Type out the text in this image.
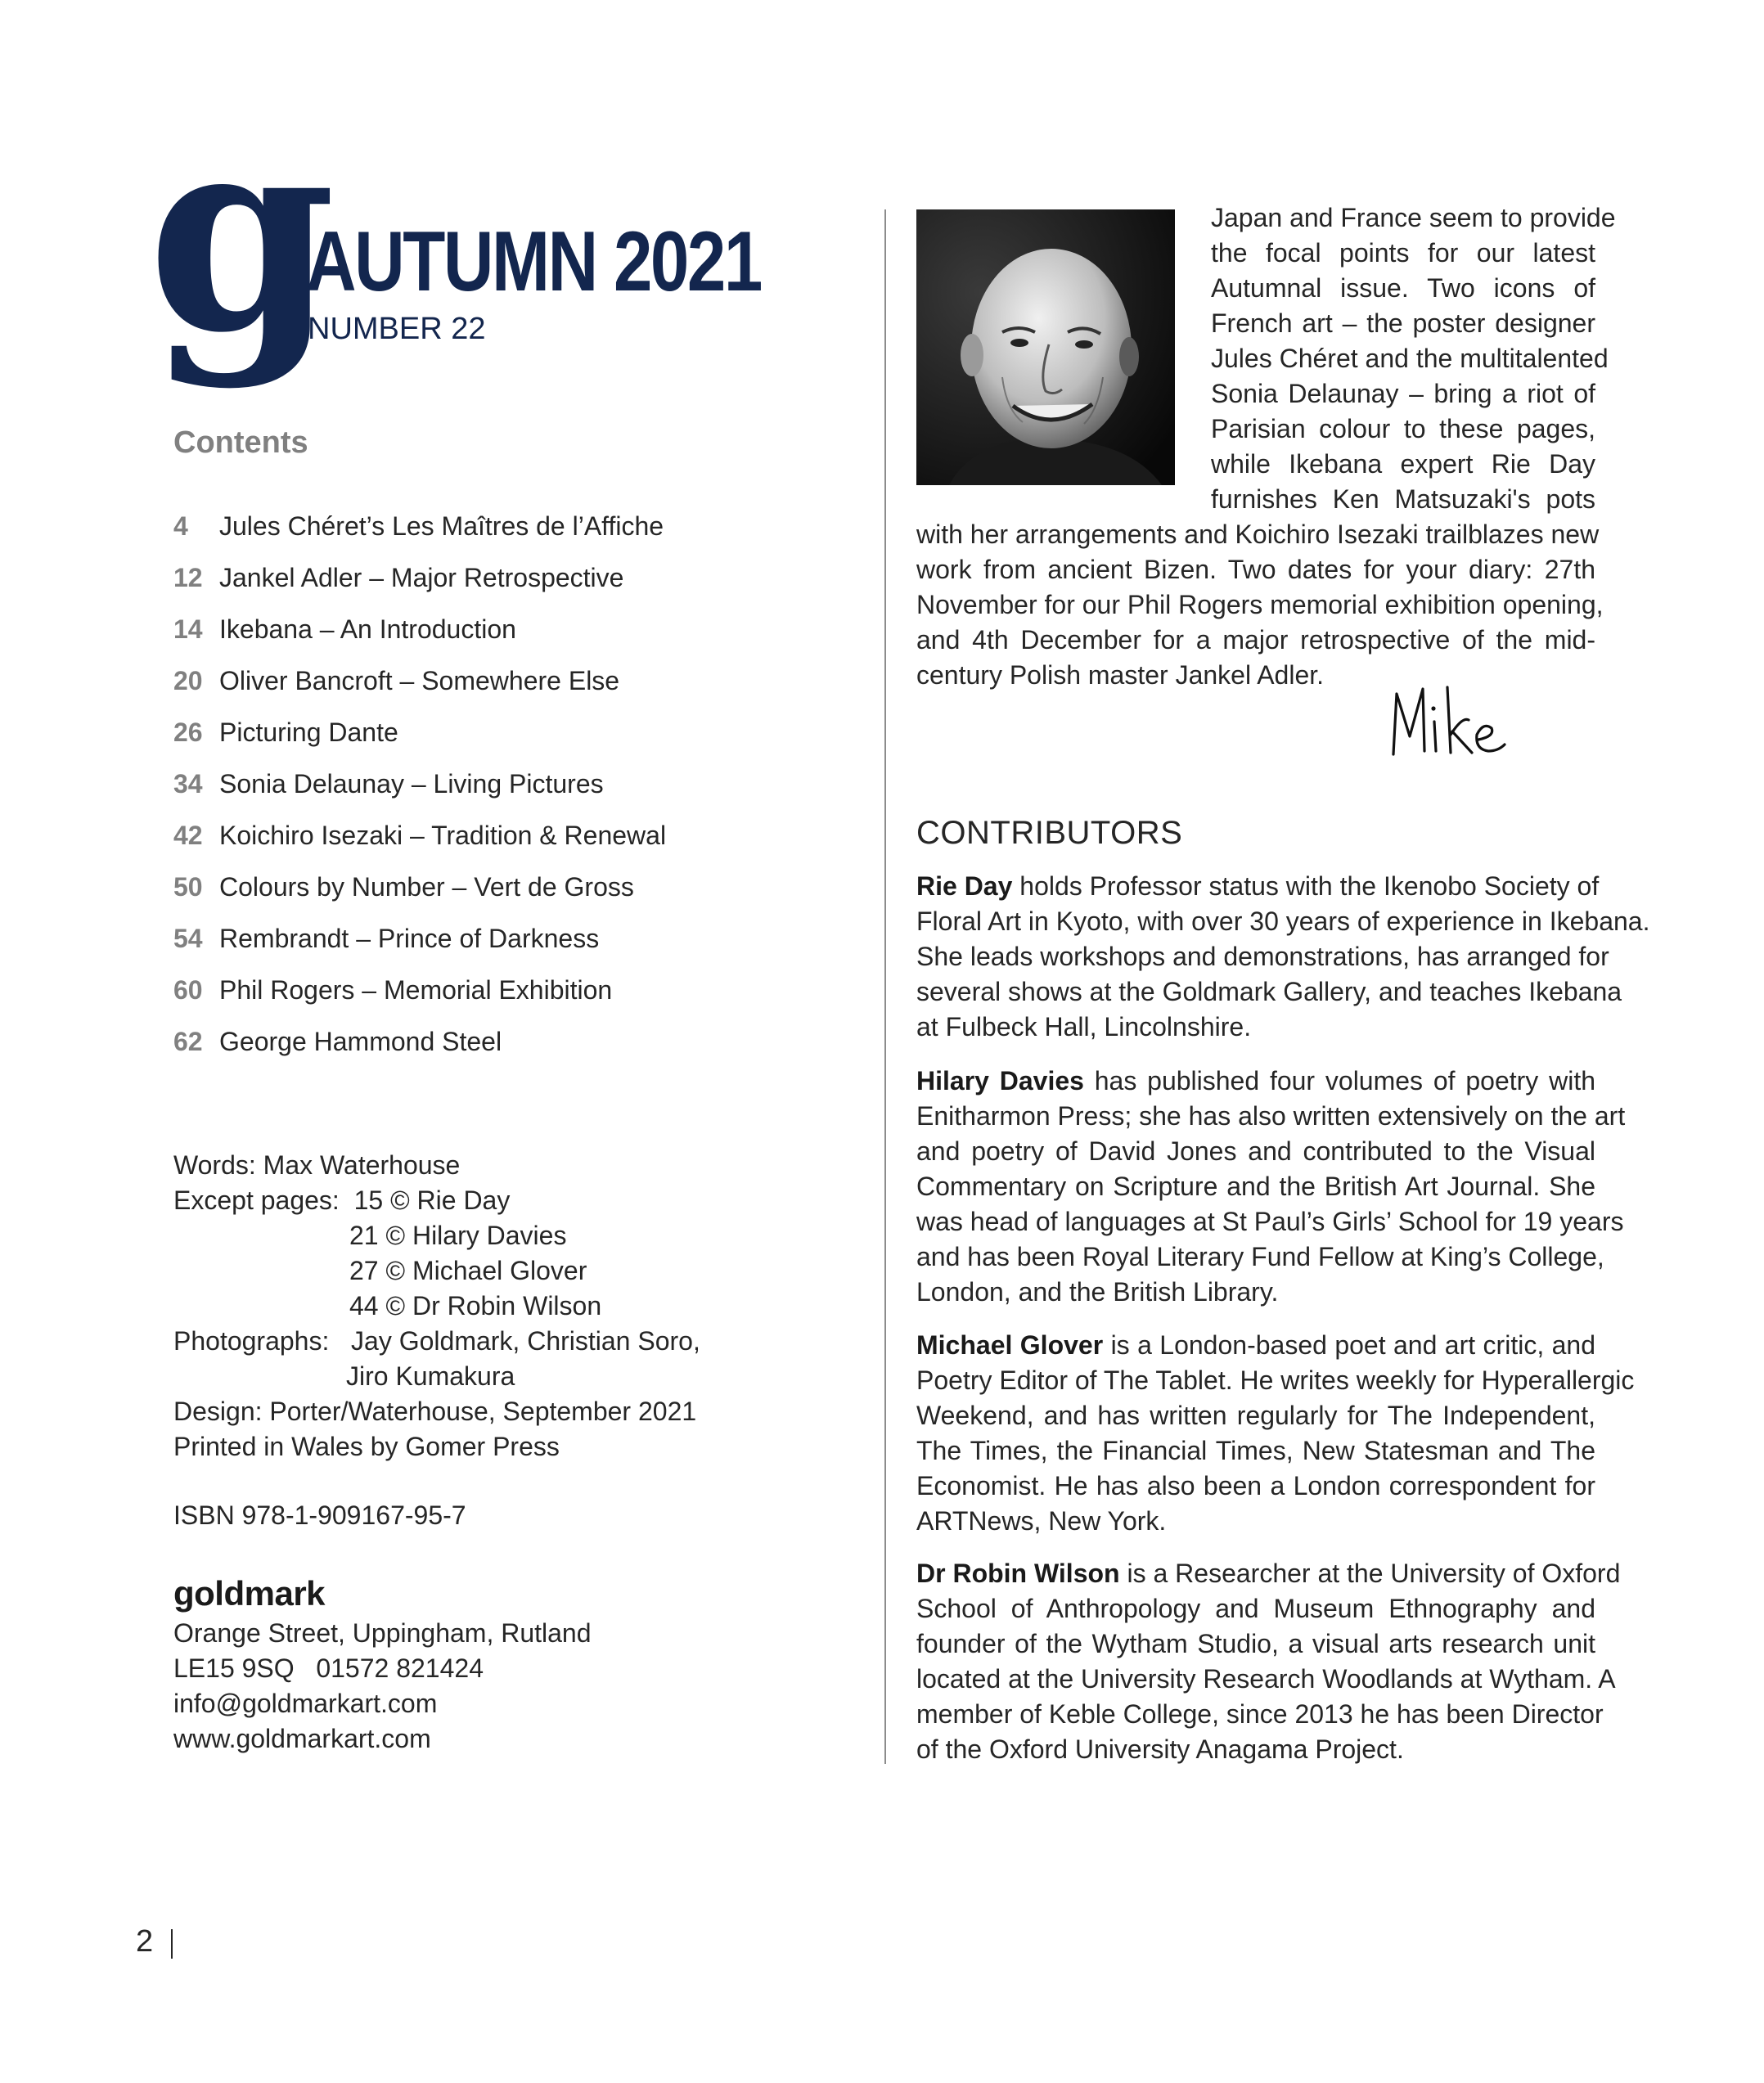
g
AUTUMN 2021
NUMBER 22
Contents
4 Jules Chéret’s Les Maîtres de l’Affiche
12 Jankel Adler – Major Retrospective
14 Ikebana – An Introduction
20 Oliver Bancroft – Somewhere Else
26 Picturing Dante
34 Sonia Delaunay – Living Pictures
42 Koichiro Isezaki – Tradition & Renewal
50 Colours by Number – Vert de Gross
54 Rembrandt – Prince of Darkness
60 Phil Rogers – Memorial Exhibition
62 George Hammond Steel
Words: Max Waterhouse
Except pages: 15 © Rie Day
21 © Hilary Davies
27 © Michael Glover
44 © Dr Robin Wilson
Photographs: Jay Goldmark, Christian Soro,
Jiro Kumakura
Design: Porter/Waterhouse, September 2021
Printed in Wales by Gomer Press
ISBN 978-1-909167-95-7
goldmark
Orange Street, Uppingham, Rutland
LE15 9SQ   01572 821424
info@goldmarkart.com
www.goldmarkart.com
Japan and France seem to provide
the focal points for our latest
Autumnal issue. Two icons of
French art – the poster designer
Jules Chéret and the multitalented
Sonia Delaunay – bring a riot of
Parisian colour to these pages,
while Ikebana expert Rie Day
furnishes Ken Matsuzaki's pots
with her arrangements and Koichiro Isezaki trailblazes new
work from ancient Bizen. Two dates for your diary: 27th
November for our Phil Rogers memorial exhibition opening,
and 4th December for a major retrospective of the mid-
century Polish master Jankel Adler.
CONTRIBUTORS
Rie Day holds Professor status with the Ikenobo Society of
Floral Art in Kyoto, with over 30 years of experience in Ikebana.
She leads workshops and demonstrations, has arranged for
several shows at the Goldmark Gallery, and teaches Ikebana
at Fulbeck Hall, Lincolnshire.
Hilary Davies has published four volumes of poetry with
Enitharmon Press; she has also written extensively on the art
and poetry of David Jones and contributed to the Visual
Commentary on Scripture and the British Art Journal. She
was head of languages at St Paul’s Girls’ School for 19 years
and has been Royal Literary Fund Fellow at King’s College,
London, and the British Library.
Michael Glover is a London-based poet and art critic, and
Poetry Editor of The Tablet. He writes weekly for Hyperallergic
Weekend, and has written regularly for The Independent,
The Times, the Financial Times, New Statesman and The
Economist. He has also been a London correspondent for
ARTNews, New York.
Dr Robin Wilson is a Researcher at the University of Oxford
School of Anthropology and Museum Ethnography and
founder of the Wytham Studio, a visual arts research unit
located at the University Research Woodlands at Wytham. A
member of Keble College, since 2013 he has been Director
of the Oxford University Anagama Project.
2
